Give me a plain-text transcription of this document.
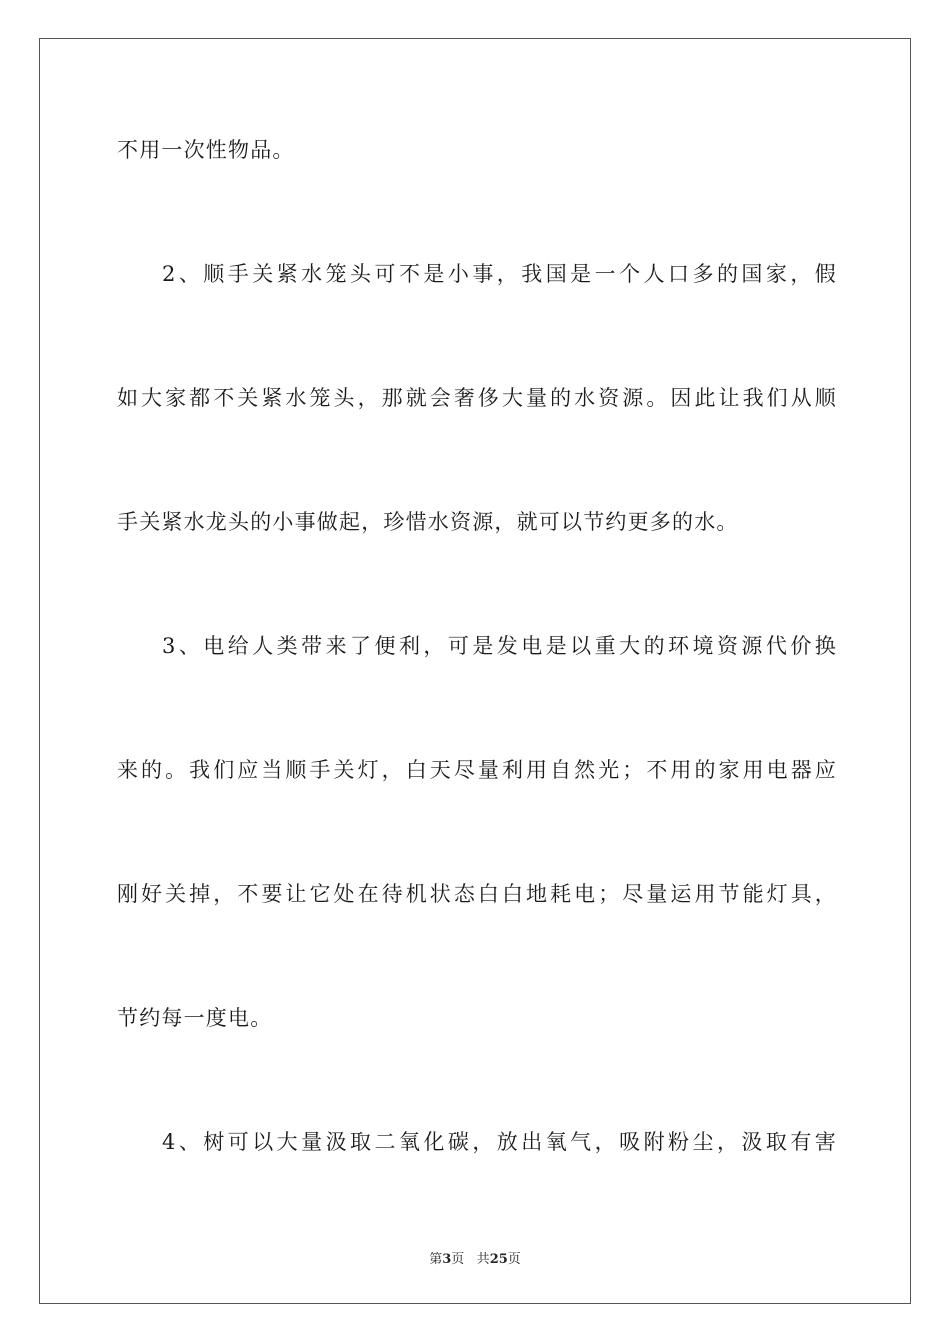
不用一次性物品。
2、顺手关紧水笼头可不是小事，我国是一个人口多的国家，假
如大家都不关紧水笼头，那就会奢侈大量的水资源。因此让我们从顺
手关紧水龙头的小事做起，珍惜水资源，就可以节约更多的水。
3、电给人类带来了便利，可是发电是以重大的环境资源代价换
来的。我们应当顺手关灯，白天尽量利用自然光；不用的家用电器应
刚好关掉，不要让它处在待机状态白白地耗电；尽量运用节能灯具，
节约每一度电。
4、树可以大量汲取二氧化碳，放出氧气，吸附粉尘，汲取有害
第3页 共25页
